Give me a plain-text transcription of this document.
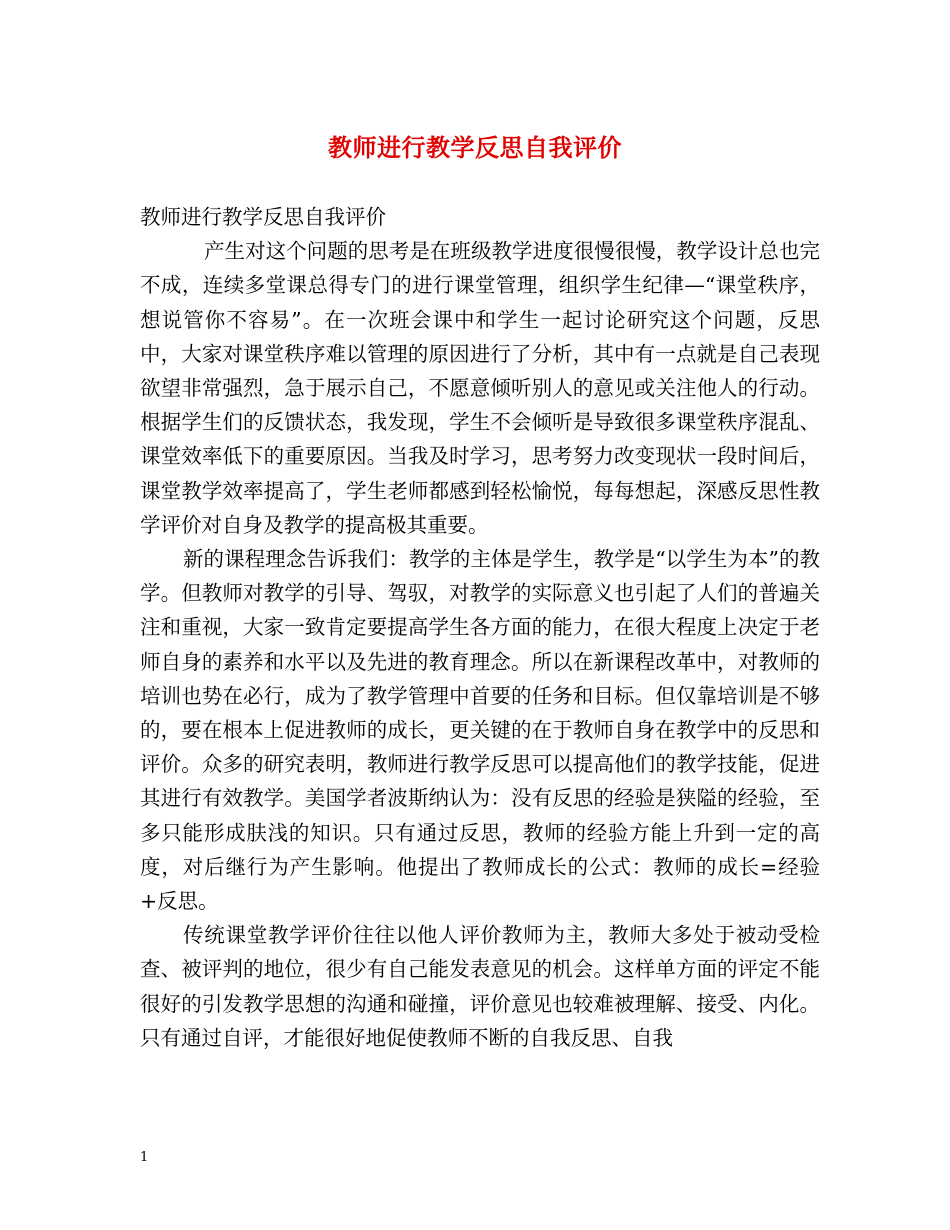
教师进行教学反思自我评价

教师进行教学反思自我评价

产生对这个问题的思考是在班级教学进度很慢很慢，教学设计总也完不成，连续多堂课总得专门的进行课堂管理，组织学生纪律—“课堂秩序，想说管你不容易”。在一次班会课中和学生一起讨论研究这个问题，反思中，大家对课堂秩序难以管理的原因进行了分析，其中有一点就是自己表现欲望非常强烈，急于展示自己，不愿意倾听别人的意见或关注他人的行动。根据学生们的反馈状态，我发现，学生不会倾听是导致很多课堂秩序混乱、课堂效率低下的重要原因。当我及时学习，思考努力改变现状一段时间后，课堂教学效率提高了，学生老师都感到轻松愉悦，每每想起，深感反思性教学评价对自身及教学的提高极其重要。

新的课程理念告诉我们：教学的主体是学生，教学是“以学生为本”的教学。但教师对教学的引导、驾驭，对教学的实际意义也引起了人们的普遍关注和重视，大家一致肯定要提高学生各方面的能力，在很大程度上决定于老师自身的素养和水平以及先进的教育理念。所以在新课程改革中，对教师的培训也势在必行，成为了教学管理中首要的任务和目标。但仅靠培训是不够的，要在根本上促进教师的成长，更关键的在于教师自身在教学中的反思和评价。众多的研究表明，教师进行教学反思可以提高他们的教学技能，促进其进行有效教学。美国学者波斯纳认为：没有反思的经验是狭隘的经验，至多只能形成肤浅的知识。只有通过反思，教师的经验方能上升到一定的高度，对后继行为产生影响。他提出了教师成长的公式：教师的成长=经验+反思。

传统课堂教学评价往往以他人评价教师为主，教师大多处于被动受检查、被评判的地位，很少有自己能发表意见的机会。这样单方面的评定不能很好的引发教学思想的沟通和碰撞，评价意见也较难被理解、接受、内化。只有通过自评，才能很好地促使教师不断的自我反思、自我

1
